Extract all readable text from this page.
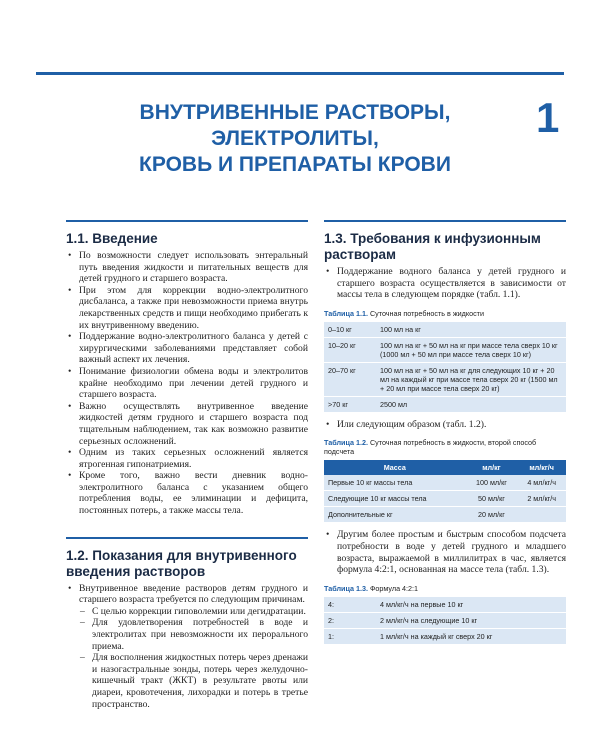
ВНУТРИВЕННЫЕ РАСТВОРЫ, ЭЛЕКТРОЛИТЫ,
КРОВЬ И ПРЕПАРАТЫ КРОВИ
1
1.1. Введение
• По возможности следует использовать энтеральный путь введения жидкости и питательных веществ для детей грудного и старшего возраста.
• При этом для коррекции водно-электролитного дисбаланса, а также при невозможности приема внутрь лекарственных средств и пищи необходимо прибегать к их внутривенному введению.
• Поддержание водно-электролитного баланса у детей с хирургическими заболеваниями представляет собой важный аспект их лечения.
• Понимание физиологии обмена воды и электролитов крайне необходимо при лечении детей грудного и старшего возраста.
• Важно осуществлять внутривенное введение жидкостей детям грудного и старшего возраста под тщательным наблюдением, так как возможно развитие серьезных осложнений.
• Одним из таких серьезных осложнений является ятрогенная гипонатриемия.
• Кроме того, важно вести дневник водно-электролитного баланса с указанием общего потребления воды, ее элиминации и дефицита, постоянных потерь, а также массы тела.
1.2. Показания для внутривенного введения растворов
• Внутривенное введение растворов детям грудного и старшего возраста требуется по следующим причинам.
– С целью коррекции гиповолемии или дегидратации.
– Для удовлетворения потребностей в воде и электролитах при невозможности их перорального приема.
– Для восполнения жидкостных потерь через дренажи и назогастральные зонды, потерь через желудочно-кишечный тракт (ЖКТ) в результате рвоты или диареи, кровотечения, лихорадки и потерь в третье пространство.
1.3. Требования к инфузионным растворам
• Поддержание водного баланса у детей грудного и старшего возраста осуществляется в зависимости от массы тела в следующем порядке (табл. 1.1).
Таблица 1.1. Суточная потребность в жидкости
0–10 кг	100 мл на кг
10–20 кг	100 мл на кг + 50 мл на кг при массе тела сверх 10 кг (1000 мл + 50 мл при массе тела сверх 10 кг)
20–70 кг	100 мл на кг + 50 мл на кг для следующих 10 кг + 20 мл на каждый кг при массе тела сверх 20 кг (1500 мл + 20 мл при массе тела сверх 20 кг)
>70 кг	2500 мл
• Или следующим образом (табл. 1.2).
Таблица 1.2. Суточная потребность в жидкости, второй способ подсчета
Масса	мл/кг	мл/кг/ч
Первые 10 кг массы тела	100 мл/кг	4 мл/кг/ч
Следующие 10 кг массы тела	50 мл/кг	2 мл/кг/ч
Дополнительные кг	20 мл/кг	
• Другим более простым и быстрым способом подсчета потребности в воде у детей грудного и младшего возраста, выражаемой в миллилитрах в час, является формула 4:2:1, основанная на массе тела (табл. 1.3).
Таблица 1.3. Формула 4:2:1
4:	4 мл/кг/ч на первые 10 кг
2:	2 мл/кг/ч на следующие 10 кг
1:	1 мл/кг/ч на каждый кг сверх 20 кг
